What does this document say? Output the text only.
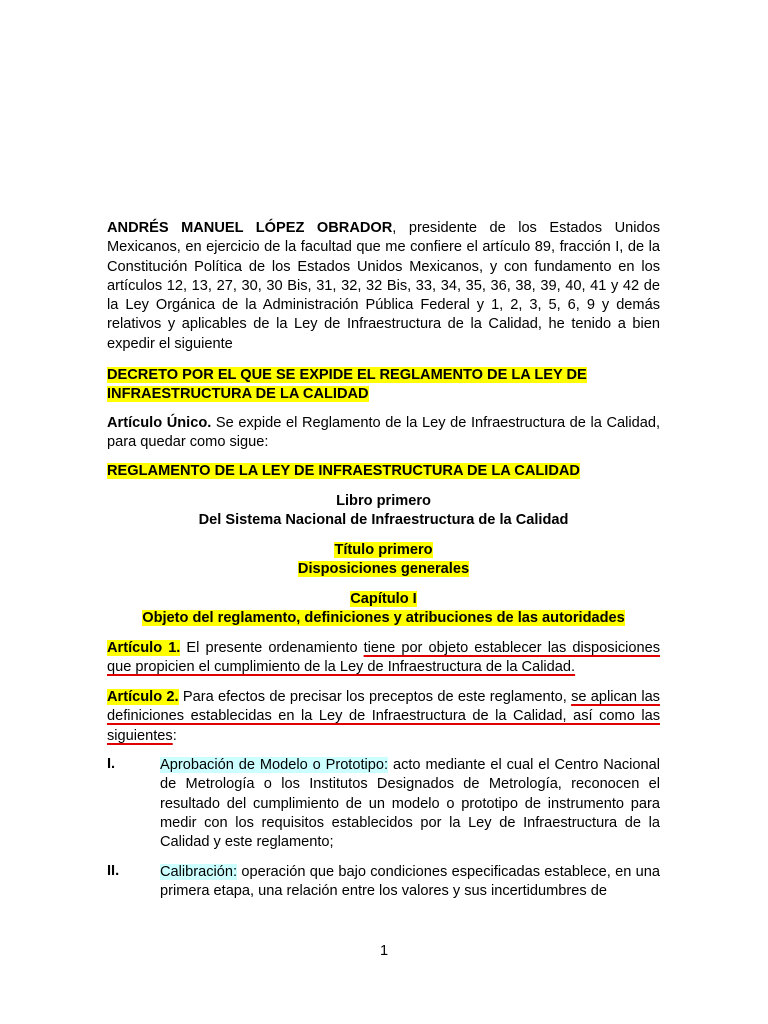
ANDRÉS MANUEL LÓPEZ OBRADOR, presidente de los Estados Unidos Mexicanos, en ejercicio de la facultad que me confiere el artículo 89, fracción I, de la Constitución Política de los Estados Unidos Mexicanos, y con fundamento en los artículos 12, 13, 27, 30, 30 Bis, 31, 32, 32 Bis, 33, 34, 35, 36, 38, 39, 40, 41 y 42 de la Ley Orgánica de la Administración Pública Federal y 1, 2, 3, 5, 6, 9 y demás relativos y aplicables de la Ley de Infraestructura de la Calidad, he tenido a bien expedir el siguiente

DECRETO POR EL QUE SE EXPIDE EL REGLAMENTO DE LA LEY DE
INFRAESTRUCTURA DE LA CALIDAD

Artículo Único. Se expide el Reglamento de la Ley de Infraestructura de la Calidad, para quedar como sigue:

REGLAMENTO DE LA LEY DE INFRAESTRUCTURA DE LA CALIDAD

Libro primero
Del Sistema Nacional de Infraestructura de la Calidad

Título primero
Disposiciones generales

Capítulo I
Objeto del reglamento, definiciones y atribuciones de las autoridades

Artículo 1. El presente ordenamiento tiene por objeto establecer las disposiciones que propicien el cumplimiento de la Ley de Infraestructura de la Calidad.

Artículo 2. Para efectos de precisar los preceptos de este reglamento, se aplican las definiciones establecidas en la Ley de Infraestructura de la Calidad, así como las siguientes:

I.	Aprobación de Modelo o Prototipo: acto mediante el cual el Centro Nacional de Metrología o los Institutos Designados de Metrología, reconocen el resultado del cumplimiento de un modelo o prototipo de instrumento para medir con los requisitos establecidos por la Ley de Infraestructura de la Calidad y este reglamento;

II.	Calibración: operación que bajo condiciones especificadas establece, en una primera etapa, una relación entre los valores y sus incertidumbres de

1
